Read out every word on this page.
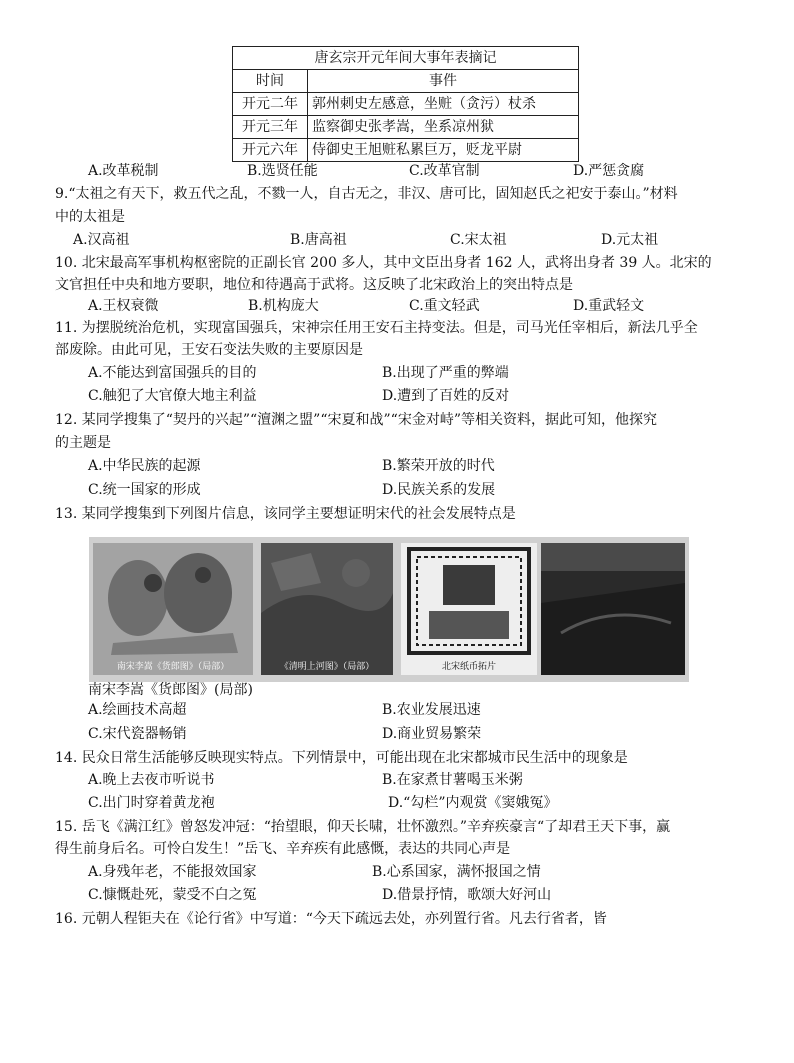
唐玄宗开元年间大事年表摘记	
时间	事件
开元二年	郭州刺史左感意，坐赃（贪污）杖杀
开元三年	监察御史张孝嵩，坐系凉州狱
开元六年	侍御史王旭赃私累巨万，贬龙平尉
A.改革税制	B.选贤任能	C.改革官制	D.严惩贪腐
9.“太祖之有天下，救五代之乱，不戮一人，自古无之，非汉、唐可比，固知赵氏之祀安于泰山。”材料
中的太祖是
A.汉高祖	B.唐高祖	C.宋太祖	D.元太祖
10. 北宋最高军事机构枢密院的正副长官 200 多人，其中文臣出身者 162 人，武将出身者 39 人。北宋的
文官担任中央和地方要职，地位和待遇高于武将。这反映了北宋政治上的突出特点是
A.王权衰微	B.机构庞大	C.重文轻武	D.重武轻文
11. 为摆脱统治危机，实现富国强兵，宋神宗任用王安石主持变法。但是，司马光任宰相后，新法几乎全
部废除。由此可见，王安石变法失败的主要原因是
A.不能达到富国强兵的目的	B.出现了严重的弊端
C.触犯了大官僚大地主利益	D.遭到了百姓的反对
12. 某同学搜集了“契丹的兴起”“澶渊之盟”“宋夏和战”“宋金对峙”等相关资料，据此可知，他探究
的主题是
A.中华民族的起源	B.繁荣开放的时代
C.统一国家的形成	D.民族关系的发展
13. 某同学搜集到下列图片信息，该同学主要想证明宋代的社会发展特点是
南宋李嵩《货郎图》（局部）	《清明上河图》（局部）	北宋纸币拓片
南宋李嵩《货郎图》(局部)
A.绘画技术高超	B.农业发展迅速
C.宋代瓷器畅销	D.商业贸易繁荣
14. 民众日常生活能够反映现实特点。下列情景中，可能出现在北宋都城市民生活中的现象是
A.晚上去夜市听说书	B.在家煮甘薯喝玉米粥
C.出门时穿着黄龙袍	D.“勾栏”内观赏《窦娥冤》
15. 岳飞《满江红》曾怒发冲冠：“抬望眼，仰天长啸，壮怀激烈。”辛弃疾豪言“了却君王天下事，赢
得生前身后名。可怜白发生！”岳飞、辛弃疾有此感慨，表达的共同心声是
A.身残年老，不能报效国家	B.心系国家，满怀报国之情
C.慷慨赴死，蒙受不白之冤	D.借景抒情，歌颂大好河山
16. 元朝人程钜夫在《论行省》中写道：“今天下疏远去处，亦列置行省。凡去行省者，皆
